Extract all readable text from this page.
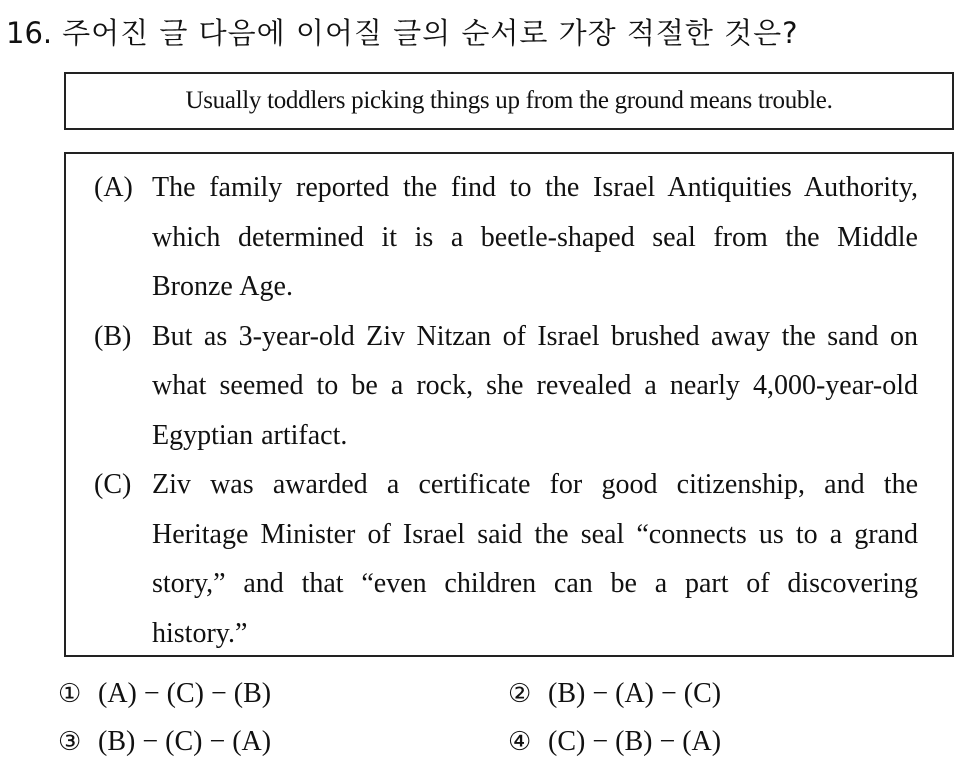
16. 주어진 글 다음에 이어질 글의 순서로 가장 적절한 것은?
Usually toddlers picking things up from the ground means trouble.
(A) The family reported the find to the Israel Antiquities Authority, which determined it is a beetle-shaped seal from the Middle Bronze Age.
(B) But as 3-year-old Ziv Nitzan of Israel brushed away the sand on what seemed to be a rock, she revealed a nearly 4,000-year-old Egyptian artifact.
(C) Ziv was awarded a certificate for good citizenship, and the Heritage Minister of Israel said the seal “connects us to a grand story,” and that “even children can be a part of discovering history.”
① (A) − (C) − (B)	② (B) − (A) − (C)
③ (B) − (C) − (A)	④ (C) − (B) − (A)
